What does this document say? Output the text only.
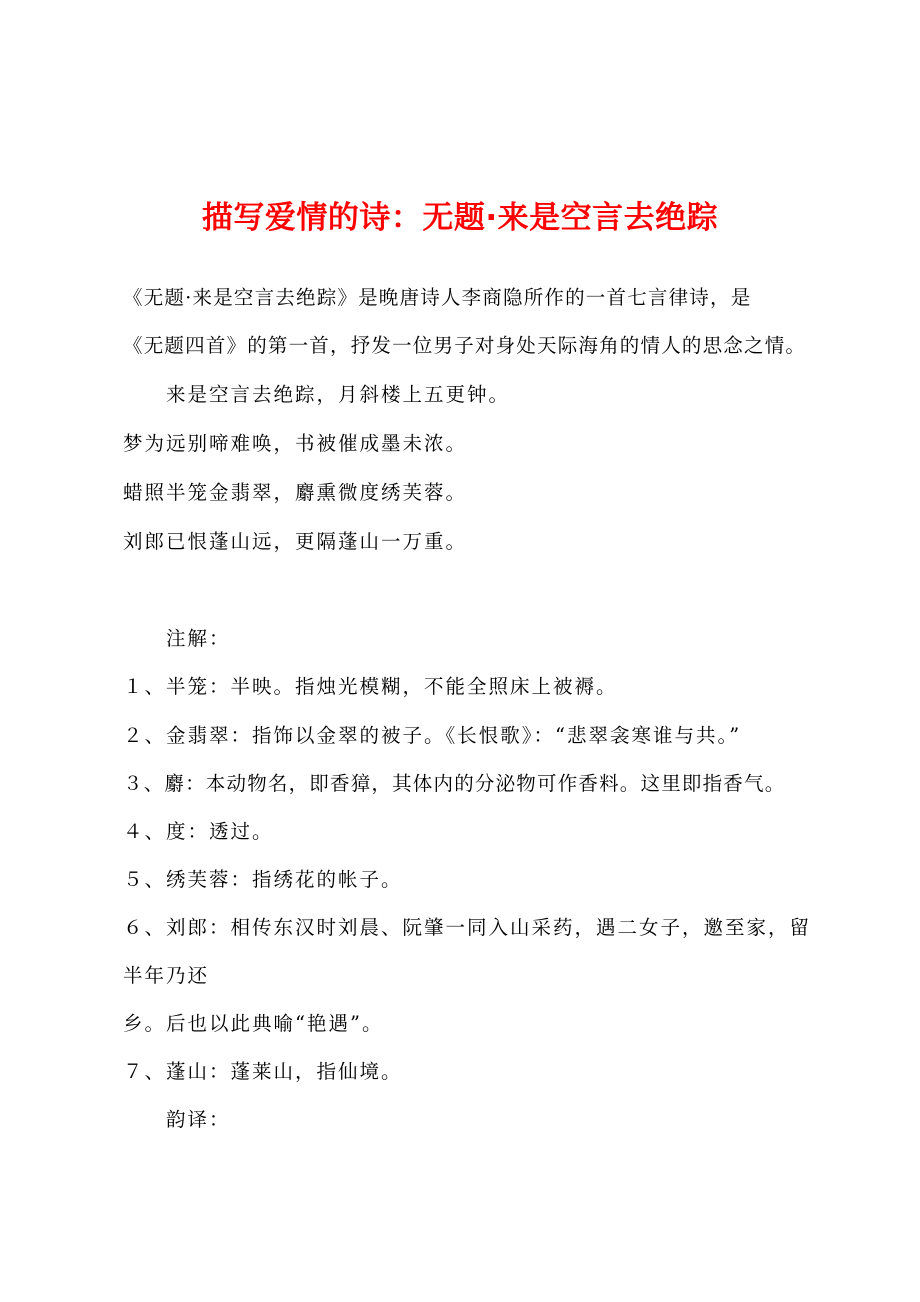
描写爱情的诗：无题·来是空言去绝踪

《无题·来是空言去绝踪》是晚唐诗人李商隐所作的一首七言律诗，是

《无题四首》的第一首，抒发一位男子对身处天际海角的情人的思念之情。

来是空言去绝踪，月斜楼上五更钟。

梦为远别啼难唤，书被催成墨未浓。

蜡照半笼金翡翠，麝熏微度绣芙蓉。

刘郎已恨蓬山远，更隔蓬山一万重。

注解：

１、半笼：半映。指烛光模糊，不能全照床上被褥。

２、金翡翠：指饰以金翠的被子。《长恨歌》：“悲翠衾寒谁与共。”

３、麝：本动物名，即香獐，其体内的分泌物可作香料。这里即指香气。

４、度：透过。

５、绣芙蓉：指绣花的帐子。

６、刘郎：相传东汉时刘晨、阮肇一同入山采药，遇二女子，邀至家，留

半年乃还

乡。后也以此典喻“艳遇”。

７、蓬山：蓬莱山，指仙境。

韵译：
